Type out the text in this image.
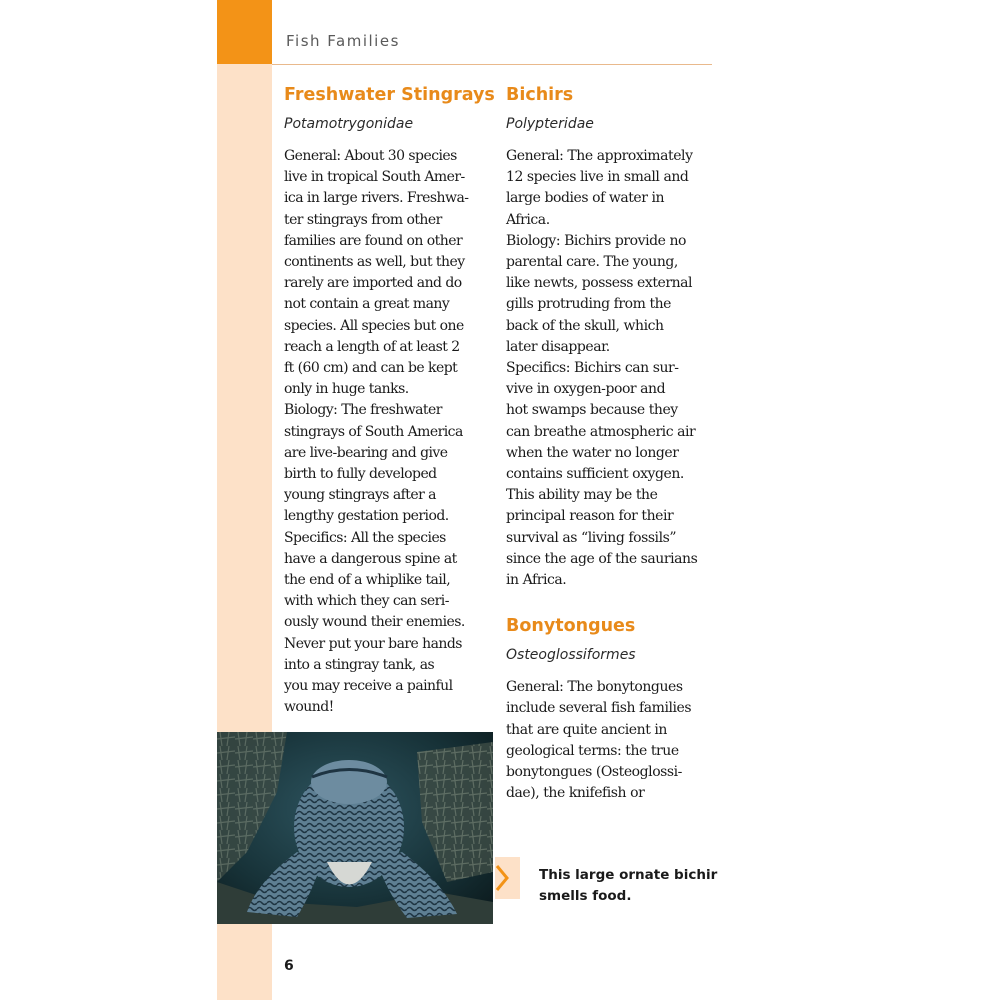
Fish Families
Freshwater Stingrays
Potamotrygonidae

General: About 30 species
live in tropical South Amer-
ica in large rivers. Freshwa-
ter stingrays from other
families are found on other
continents as well, but they
rarely are imported and do
not contain a great many
species. All species but one
reach a length of at least 2
ft (60 cm) and can be kept
only in huge tanks.
Biology: The freshwater
stingrays of South America
are live-bearing and give
birth to fully developed
young stingrays after a
lengthy gestation period.
Specifics: All the species
have a dangerous spine at
the end of a whiplike tail,
with which they can seri-
ously wound their enemies.
Never put your bare hands
into a stingray tank, as
you may receive a painful
wound!

Bichirs
Polypteridae

General: The approximately
12 species live in small and
large bodies of water in
Africa.
Biology: Bichirs provide no
parental care. The young,
like newts, possess external
gills protruding from the
back of the skull, which
later disappear.
Specifics: Bichirs can sur-
vive in oxygen-poor and
hot swamps because they
can breathe atmospheric air
when the water no longer
contains sufficient oxygen.
This ability may be the
principal reason for their
survival as “living fossils”
since the age of the saurians
in Africa.

Bonytongues
Osteoglossiformes

General: The bonytongues
include several fish families
that are quite ancient in
geological terms: the true
bonytongues (Osteoglossi-
dae), the knifefish or

This large ornate bichir
smells food.
6
